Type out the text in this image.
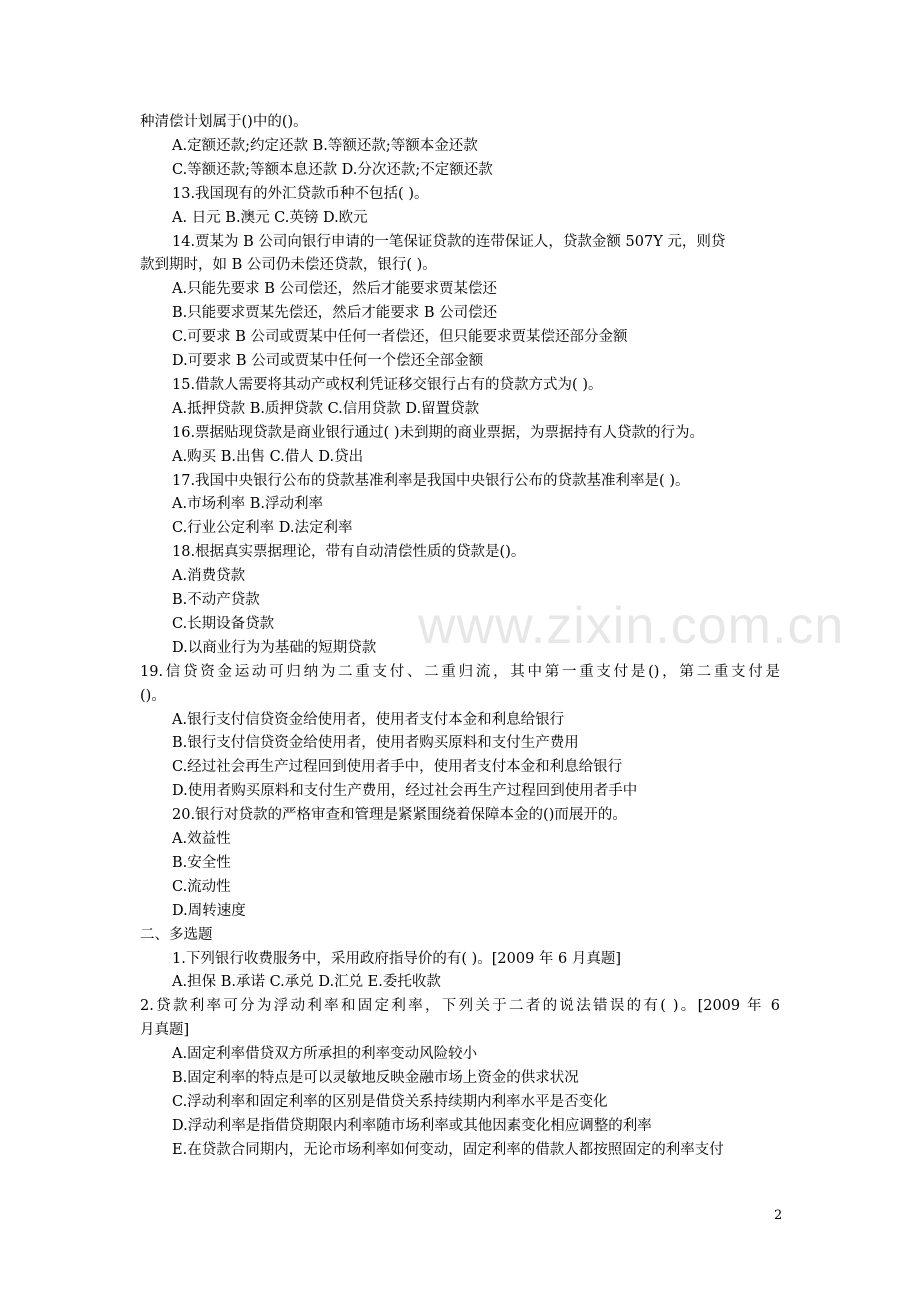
种清偿计划属于()中的()。
A.定额还款;约定还款 B.等额还款;等额本金还款
C.等额还款;等额本息还款 D.分次还款;不定额还款
13.我国现有的外汇贷款币种不包括( )。
A. 日元 B.澳元 C.英镑 D.欧元
14.贾某为 B 公司向银行申请的一笔保证贷款的连带保证人，贷款金额 507Y 元，则贷
款到期时，如 B 公司仍未偿还贷款，银行( )。
A.只能先要求 B 公司偿还，然后才能要求贾某偿还
B.只能要求贾某先偿还，然后才能要求 B 公司偿还
C.可要求 B 公司或贾某中任何一者偿还，但只能要求贾某偿还部分金额
D.可要求 B 公司或贾某中任何一个偿还全部金额
15.借款人需要将其动产或权利凭证移交银行占有的贷款方式为( )。
A.抵押贷款 B.质押贷款 C.信用贷款 D.留置贷款
16.票据贴现贷款是商业银行通过( )未到期的商业票据，为票据持有人贷款的行为。
A.购买 B.出售 C.借人 D.贷出
17.我国中央银行公布的贷款基准利率是我国中央银行公布的贷款基准利率是( )。
A.市场利率 B.浮动利率
C.行业公定利率 D.法定利率
18.根据真实票据理论，带有自动清偿性质的贷款是()。
A.消费贷款
B.不动产贷款
C.长期设备贷款
D.以商业行为为基础的短期贷款
19.信贷资金运动可归纳为二重支付、二重归流，其中第一重支付是()，第二重支付是
()。
A.银行支付信贷资金给使用者，使用者支付本金和利息给银行
B.银行支付信贷资金给使用者，使用者购买原料和支付生产费用
C.经过社会再生产过程回到使用者手中，使用者支付本金和利息给银行
D.使用者购买原料和支付生产费用，经过社会再生产过程回到使用者手中
20.银行对贷款的严格审查和管理是紧紧围绕着保障本金的()而展开的。
A.效益性
B.安全性
C.流动性
D.周转速度
二、多选题
1.下列银行收费服务中，采用政府指导价的有( )。[2009 年 6 月真题]
A.担保 B.承诺 C.承兑 D.汇兑 E.委托收款
2.贷款利率可分为浮动利率和固定利率，下列关于二者的说法错误的有( )。[2009 年 6
月真题]
A.固定利率借贷双方所承担的利率变动风险较小
B.固定利率的特点是可以灵敏地反映金融市场上资金的供求状况
C.浮动利率和固定利率的区别是借贷关系持续期内利率水平是否变化
D.浮动利率是指借贷期限内利率随市场利率或其他因素变化相应调整的利率
E.在贷款合同期内，无论市场利率如何变动，固定利率的借款人都按照固定的利率支付
www.zixin.com.cn
2
